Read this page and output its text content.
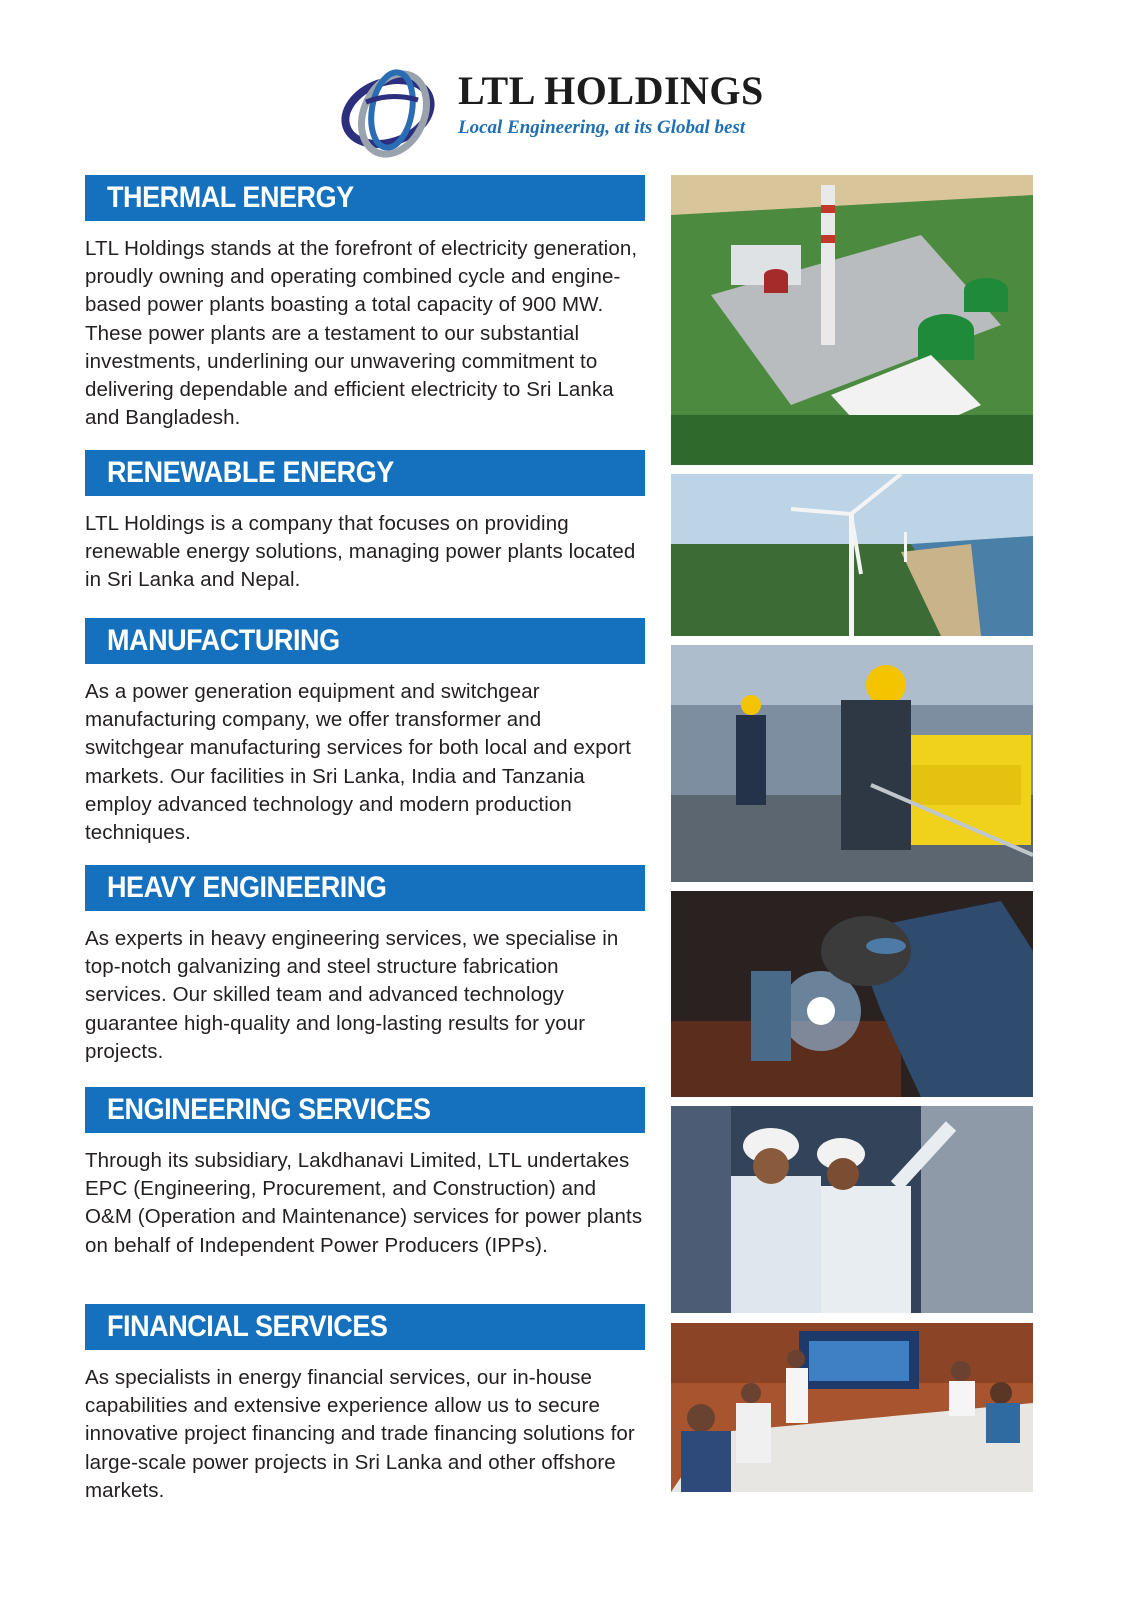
LTL HOLDINGS
Local Engineering, at its Global best
THERMAL ENERGY
LTL Holdings stands at the forefront of electricity generation, proudly owning and operating combined cycle and engine-based power plants boasting a total capacity of 900 MW. These power plants are a testament to our substantial investments, underlining our unwavering commitment to delivering dependable and efficient electricity to Sri Lanka and Bangladesh.
RENEWABLE ENERGY
LTL Holdings is a company that focuses on providing renewable energy solutions, managing power plants located in Sri Lanka and Nepal.
MANUFACTURING
As a power generation equipment and switchgear manufacturing company, we offer transformer and switchgear manufacturing services for both local and export markets. Our facilities in Sri Lanka, India and Tanzania employ advanced technology and modern production techniques.
HEAVY ENGINEERING
As experts in heavy engineering services, we specialise in top-notch galvanizing and steel structure fabrication services. Our skilled team and advanced technology guarantee high-quality and long-lasting results for your projects.
ENGINEERING SERVICES
Through its subsidiary, Lakdhanavi Limited, LTL undertakes EPC (Engineering, Procurement, and Construction) and O&M (Operation and Maintenance) services for power plants on behalf of Independent Power Producers (IPPs).
FINANCIAL SERVICES
As specialists in energy financial services, our in-house capabilities and extensive experience allow us to secure innovative project financing and trade financing solutions for large-scale power projects in Sri Lanka and other offshore markets.
